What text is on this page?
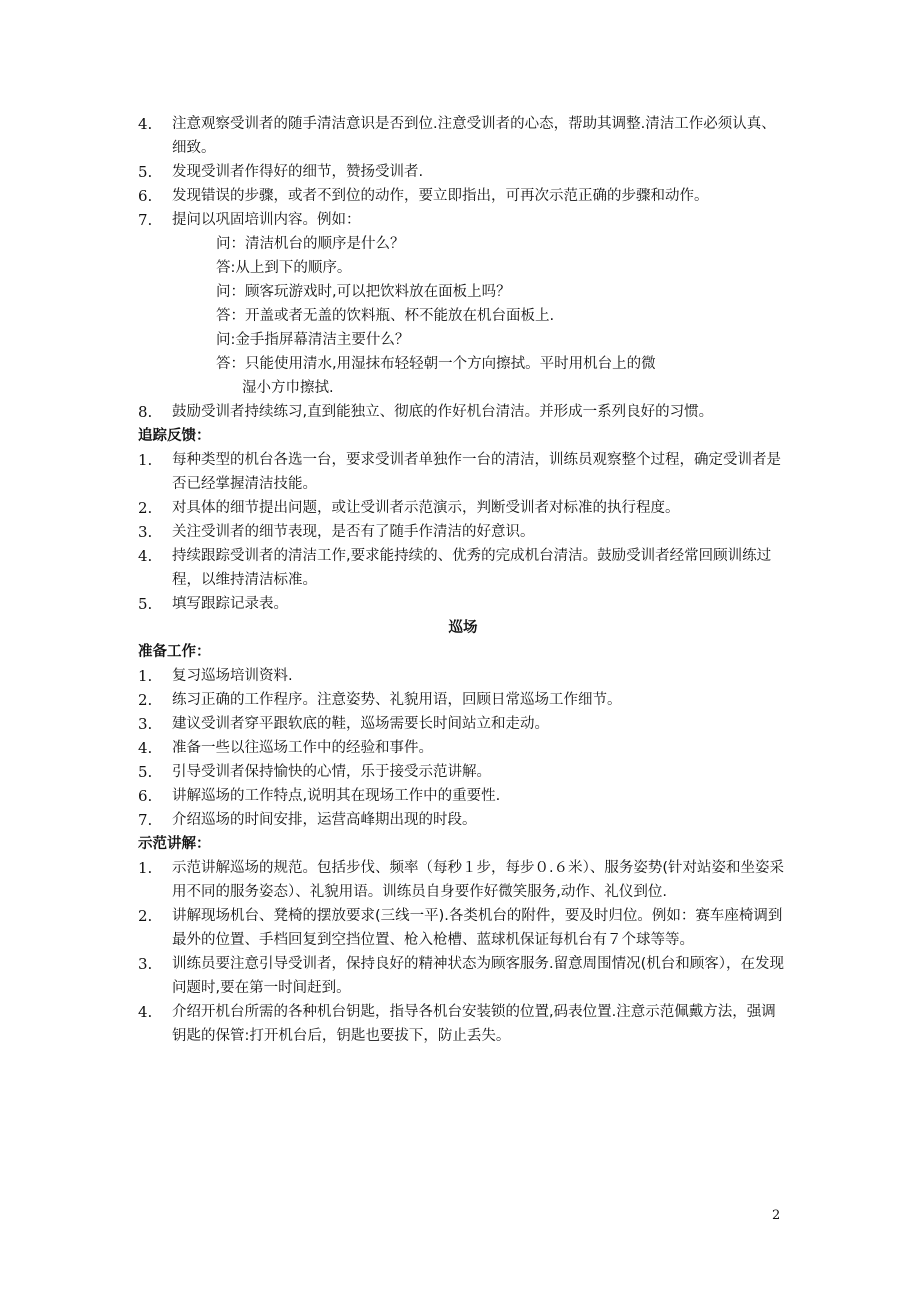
4.	注意观察受训者的随手清洁意识是否到位.注意受训者的心态，帮助其调整.清洁工作必须认真、细致。
5.	发现受训者作得好的细节，赞扬受训者.
6.	发现错误的步骤，或者不到位的动作，要立即指出，可再次示范正确的步骤和动作。
7.	提问以巩固培训内容。例如：
问：清洁机台的顺序是什么？
答:从上到下的顺序。
问：顾客玩游戏时,可以把饮料放在面板上吗？
答：开盖或者无盖的饮料瓶、杯不能放在机台面板上.
问:金手指屏幕清洁主要什么？
答：只能使用清水,用湿抹布轻轻朝一个方向擦拭。平时用机台上的微
湿小方巾擦拭.
8.	鼓励受训者持续练习,直到能独立、彻底的作好机台清洁。并形成一系列良好的习惯。
追踪反馈：
1.	每种类型的机台各选一台，要求受训者单独作一台的清洁，训练员观察整个过程，确定受训者是否已经掌握清洁技能。
2.	对具体的细节提出问题，或让受训者示范演示，判断受训者对标准的执行程度。
3.	关注受训者的细节表现，是否有了随手作清洁的好意识。
4.	持续跟踪受训者的清洁工作,要求能持续的、优秀的完成机台清洁。鼓励受训者经常回顾训练过程，以维持清洁标准。
5.	填写跟踪记录表。
巡场
准备工作：
1.	复习巡场培训资料.
2.	练习正确的工作程序。注意姿势、礼貌用语，回顾日常巡场工作细节。
3.	建议受训者穿平跟软底的鞋，巡场需要长时间站立和走动。
4.	准备一些以往巡场工作中的经验和事件。
5.	引导受训者保持愉快的心情，乐于接受示范讲解。
6.	讲解巡场的工作特点,说明其在现场工作中的重要性.
7.	介绍巡场的时间安排，运营高峰期出现的时段。
示范讲解：
1.	示范讲解巡场的规范。包括步伐、频率（每秒１步，每步０.６米）、服务姿势(针对站姿和坐姿采用不同的服务姿态）、礼貌用语。训练员自身要作好微笑服务,动作、礼仪到位.
2.	讲解现场机台、凳椅的摆放要求(三线一平).各类机台的附件，要及时归位。例如：赛车座椅调到最外的位置、手档回复到空挡位置、枪入枪槽、蓝球机保证每机台有７个球等等。
3.	训练员要注意引导受训者，保持良好的精神状态为顾客服务.留意周围情况(机台和顾客），在发现问题时,要在第一时间赶到。
4.	介绍开机台所需的各种机台钥匙，指导各机台安装锁的位置,码表位置.注意示范佩戴方法，强调钥匙的保管:打开机台后，钥匙也要拔下，防止丢失。
2
